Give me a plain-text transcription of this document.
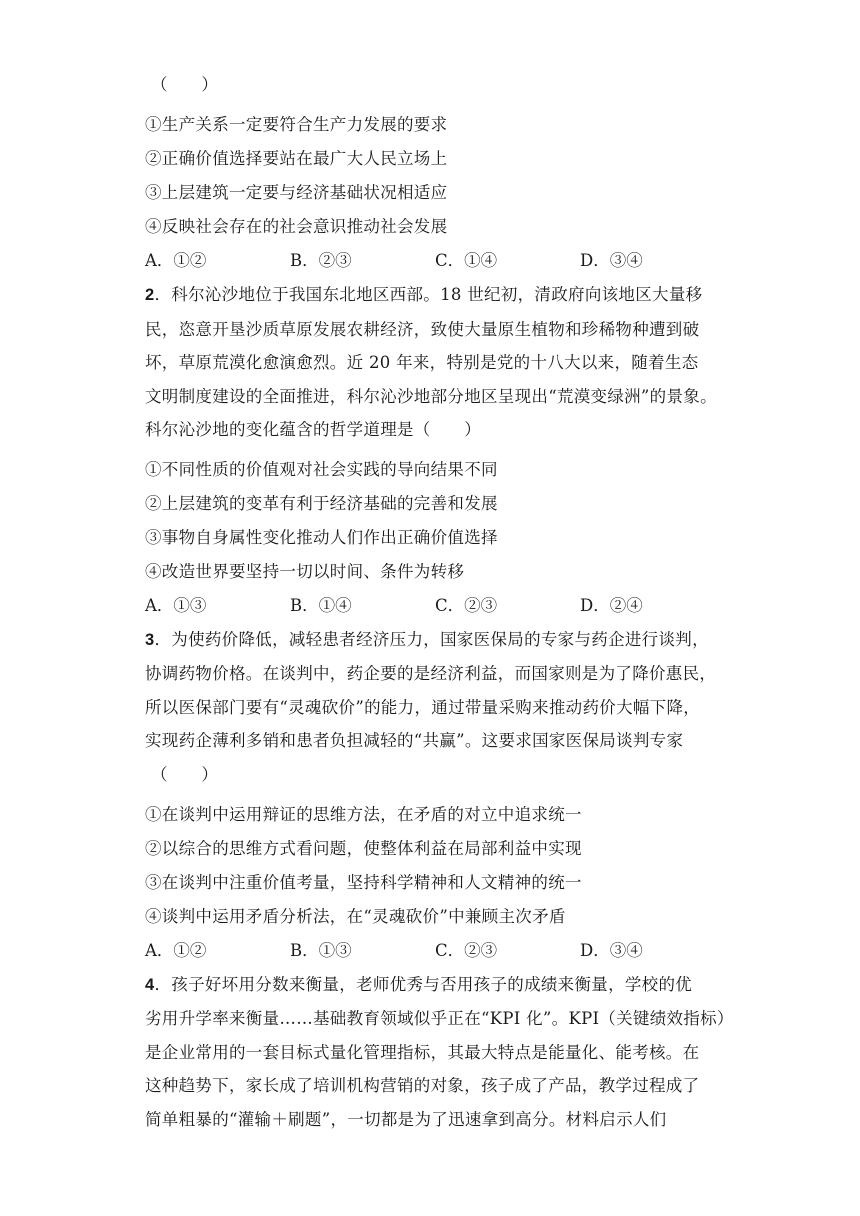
（　　）
①生产关系一定要符合生产力发展的要求
②正确价值选择要站在最广大人民立场上
③上层建筑一定要与经济基础状况相适应
④反映社会存在的社会意识推动社会发展
A．①②	B．②③	C．①④	D．③④
2．科尔沁沙地位于我国东北地区西部。18 世纪初，清政府向该地区大量移
民，恣意开垦沙质草原发展农耕经济，致使大量原生植物和珍稀物种遭到破
坏，草原荒漠化愈演愈烈。近 20 年来，特别是党的十八大以来，随着生态
文明制度建设的全面推进，科尔沁沙地部分地区呈现出“荒漠变绿洲”的景象。
科尔沁沙地的变化蕴含的哲学道理是（　　）
①不同性质的价值观对社会实践的导向结果不同
②上层建筑的变革有利于经济基础的完善和发展
③事物自身属性变化推动人们作出正确价值选择
④改造世界要坚持一切以时间、条件为转移
A．①③	B．①④	C．②③	D．②④
3．为使药价降低，减轻患者经济压力，国家医保局的专家与药企进行谈判，
协调药物价格。在谈判中，药企要的是经济利益，而国家则是为了降价惠民，
所以医保部门要有“灵魂砍价”的能力，通过带量采购来推动药价大幅下降，
实现药企薄利多销和患者负担减轻的“共赢”。这要求国家医保局谈判专家
（　　）
①在谈判中运用辩证的思维方法，在矛盾的对立中追求统一
②以综合的思维方式看问题，使整体利益在局部利益中实现
③在谈判中注重价值考量，坚持科学精神和人文精神的统一
④谈判中运用矛盾分析法，在“灵魂砍价”中兼顾主次矛盾
A．①②	B．①③	C．②③	D．③④
4．孩子好坏用分数来衡量，老师优秀与否用孩子的成绩来衡量，学校的优
劣用升学率来衡量……基础教育领域似乎正在“KPI 化”。KPI（关键绩效指标）
是企业常用的一套目标式量化管理指标，其最大特点是能量化、能考核。在
这种趋势下，家长成了培训机构营销的对象，孩子成了产品，教学过程成了
简单粗暴的“灌输＋刷题”，一切都是为了迅速拿到高分。材料启示人们
